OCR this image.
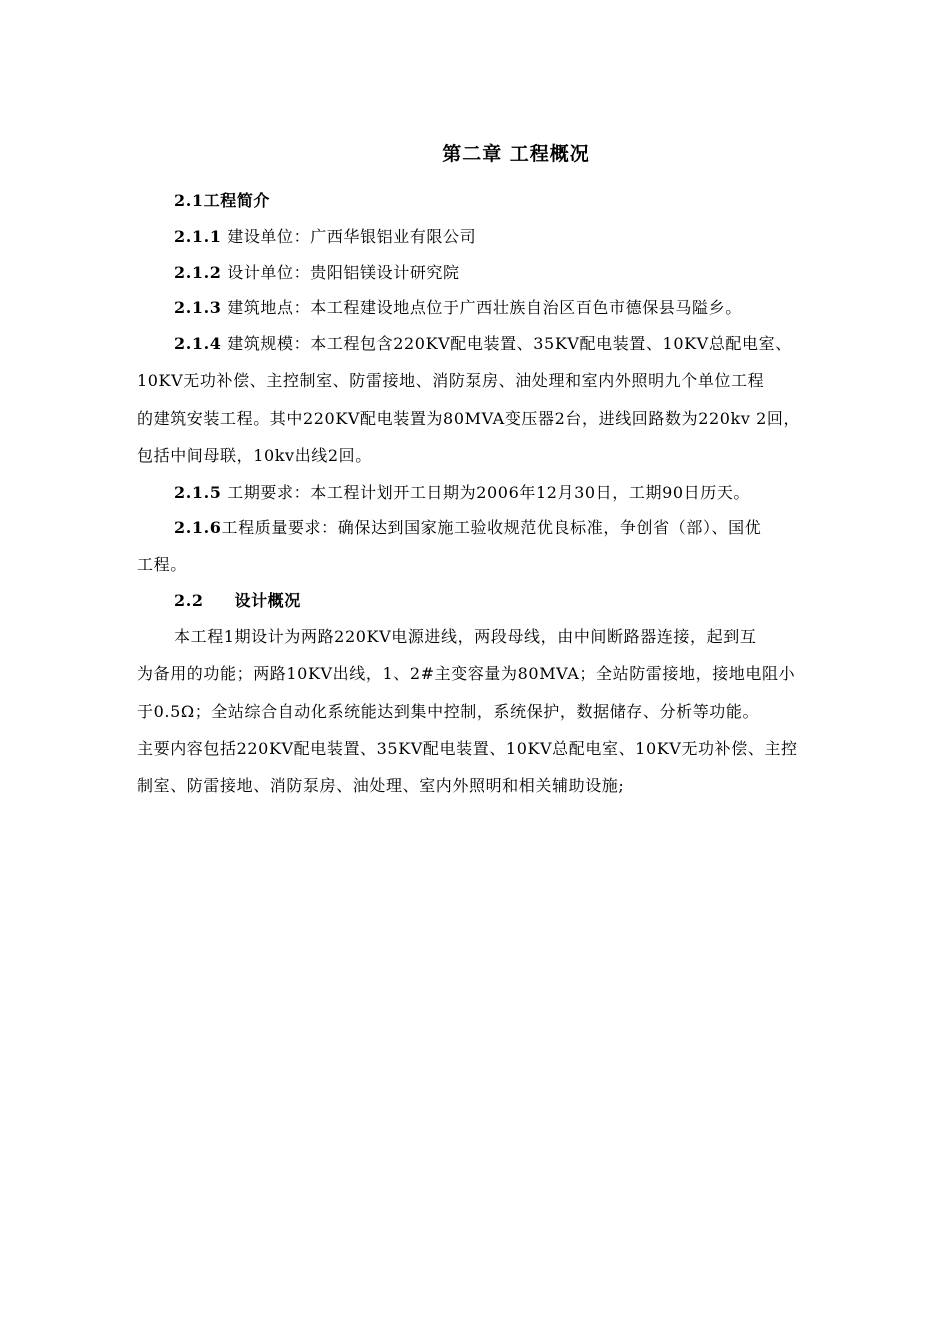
第二章 工程概况
2.1工程简介
2.1.1 建设单位：广西华银铝业有限公司
2.1.2 设计单位：贵阳铝镁设计研究院
2.1.3 建筑地点：本工程建设地点位于广西壮族自治区百色市德保县马隘乡。
2.1.4 建筑规模：本工程包含220KV配电装置、35KV配电装置、10KV总配电室、
10KV无功补偿、主控制室、防雷接地、消防泵房、油处理和室内外照明九个单位工程
的建筑安装工程。其中220KV配电装置为80MVA变压器2台，进线回路数为220kv 2回，
包括中间母联，10kv出线2回。
2.1.5 工期要求：本工程计划开工日期为2006年12月30日，工期90日历天。
2.1.6工程质量要求：确保达到国家施工验收规范优良标准，争创省（部）、国优
工程。
2.2     设计概况
本工程1期设计为两路220KV电源进线，两段母线，由中间断路器连接，起到互
为备用的功能；两路10KV出线，1、2#主变容量为80MVA；全站防雷接地，接地电阻小
于0.5Ω；全站综合自动化系统能达到集中控制，系统保护，数据储存、分析等功能。
主要内容包括220KV配电装置、35KV配电装置、10KV总配电室、10KV无功补偿、主控
制室、防雷接地、消防泵房、油处理、室内外照明和相关辅助设施;
